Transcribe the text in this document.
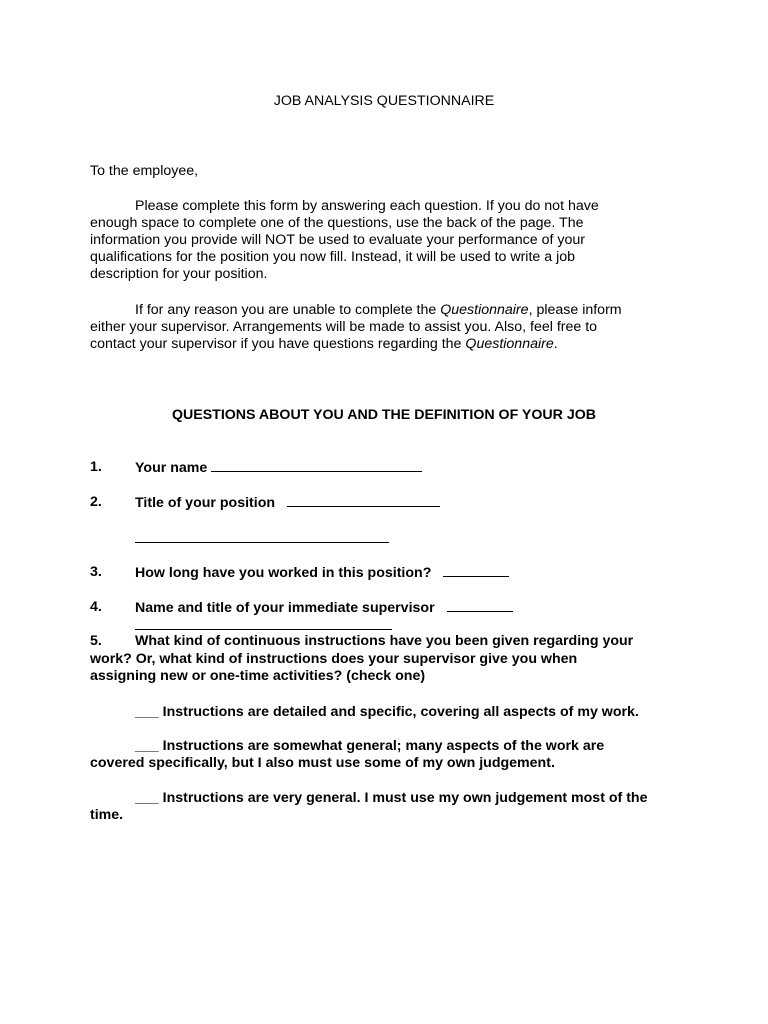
JOB ANALYSIS QUESTIONNAIRE
To the employee,
Please complete this form by answering each question. If you do not have
enough space to complete one of the questions, use the back of the page. The
information you provide will NOT be used to evaluate your performance of your
qualifications for the position you now fill. Instead, it will be used to write a job
description for your position.
If for any reason you are unable to complete the Questionnaire, please inform
either your supervisor. Arrangements will be made to assist you. Also, feel free to
contact your supervisor if you have questions regarding the Questionnaire.
QUESTIONS ABOUT YOU AND THE DEFINITION OF YOUR JOB
1. Your name
2. Title of your position
3. How long have you worked in this position?
4. Name and title of your immediate supervisor
5. What kind of continuous instructions have you been given regarding your
work? Or, what kind of instructions does your supervisor give you when
assigning new or one-time activities? (check one)
___ Instructions are detailed and specific, covering all aspects of my work.
___ Instructions are somewhat general; many aspects of the work are
covered specifically, but I also must use some of my own judgement.
___ Instructions are very general. I must use my own judgement most of the
time.
